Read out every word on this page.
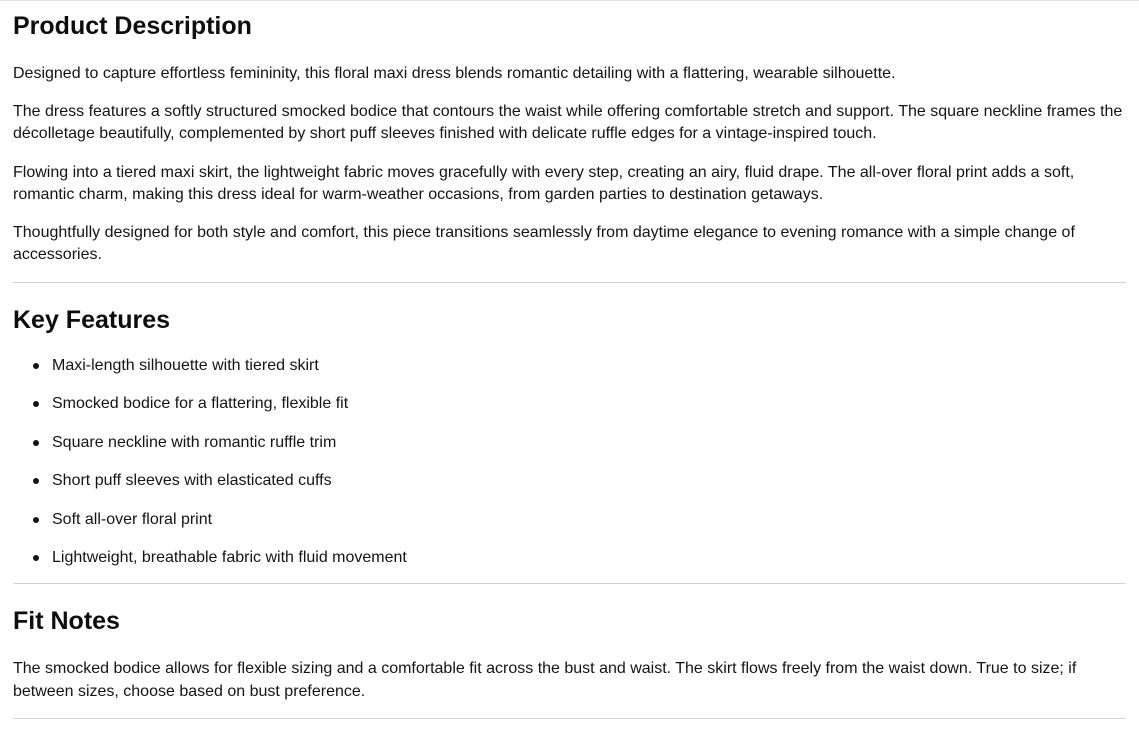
Product Description

Designed to capture effortless femininity, this floral maxi dress blends romantic detailing with a flattering, wearable silhouette.

The dress features a softly structured smocked bodice that contours the waist while offering comfortable stretch and support. The square neckline frames the décolletage beautifully, complemented by short puff sleeves finished with delicate ruffle edges for a vintage-inspired touch.

Flowing into a tiered maxi skirt, the lightweight fabric moves gracefully with every step, creating an airy, fluid drape. The all-over floral print adds a soft, romantic charm, making this dress ideal for warm-weather occasions, from garden parties to destination getaways.

Thoughtfully designed for both style and comfort, this piece transitions seamlessly from daytime elegance to evening romance with a simple change of accessories.

Key Features
Maxi-length silhouette with tiered skirt
Smocked bodice for a flattering, flexible fit
Square neckline with romantic ruffle trim
Short puff sleeves with elasticated cuffs
Soft all-over floral print
Lightweight, breathable fabric with fluid movement
Fit Notes

The smocked bodice allows for flexible sizing and a comfortable fit across the bust and waist. The skirt flows freely from the waist down. True to size; if between sizes, choose based on bust preference.
